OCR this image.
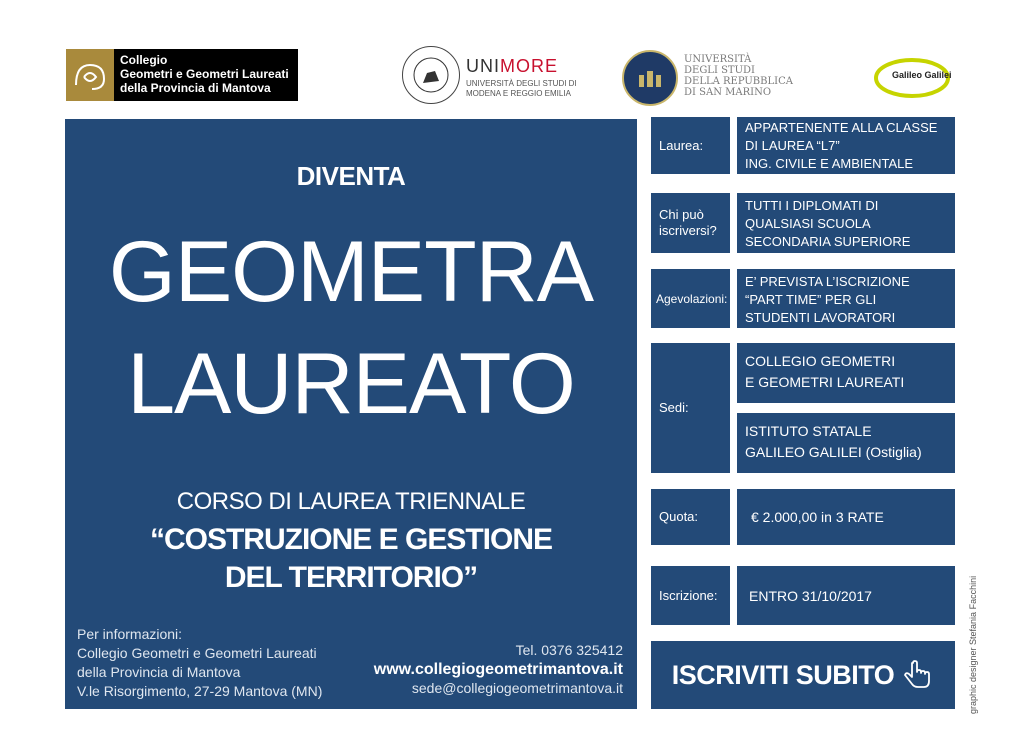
Collegio
Geometri e Geometri Laureati
della Provincia di Mantova
UNIMORE
UNIVERSITÀ DEGLI STUDI DI
MODENA E REGGIO EMILIA
UNIVERSITÀ
DEGLI STUDI
DELLA REPUBBLICA
DI SAN MARINO
Galileo Galilei
DIVENTA
GEOMETRA
LAUREATO
CORSO DI LAUREA TRIENNALE
“COSTRUZIONE E GESTIONE
DEL TERRITORIO”
Per informazioni:
Collegio Geometri e Geometri Laureati
della Provincia di Mantova
V.le Risorgimento, 27-29 Mantova (MN)
Tel. 0376 325412
www.collegiogeometrimantova.it
sede@collegiogeometrimantova.it
Laurea:
APPARTENENTE ALLA CLASSE
DI LAUREA “L7”
ING. CIVILE E AMBIENTALE
Chi può
iscriversi?
TUTTI I DIPLOMATI DI
QUALSIASI SCUOLA
SECONDARIA SUPERIORE
Agevolazioni:
E’ PREVISTA L’ISCRIZIONE
“PART TIME” PER GLI
STUDENTI LAVORATORI
Sedi:
COLLEGIO GEOMETRI
E GEOMETRI LAUREATI
ISTITUTO STATALE
GALILEO GALILEI (Ostiglia)
Quota:	€ 2.000,00 in 3 RATE
Iscrizione:	ENTRO 31/10/2017
ISCRIVITI SUBITO	graphic designer Stefania Facchini
